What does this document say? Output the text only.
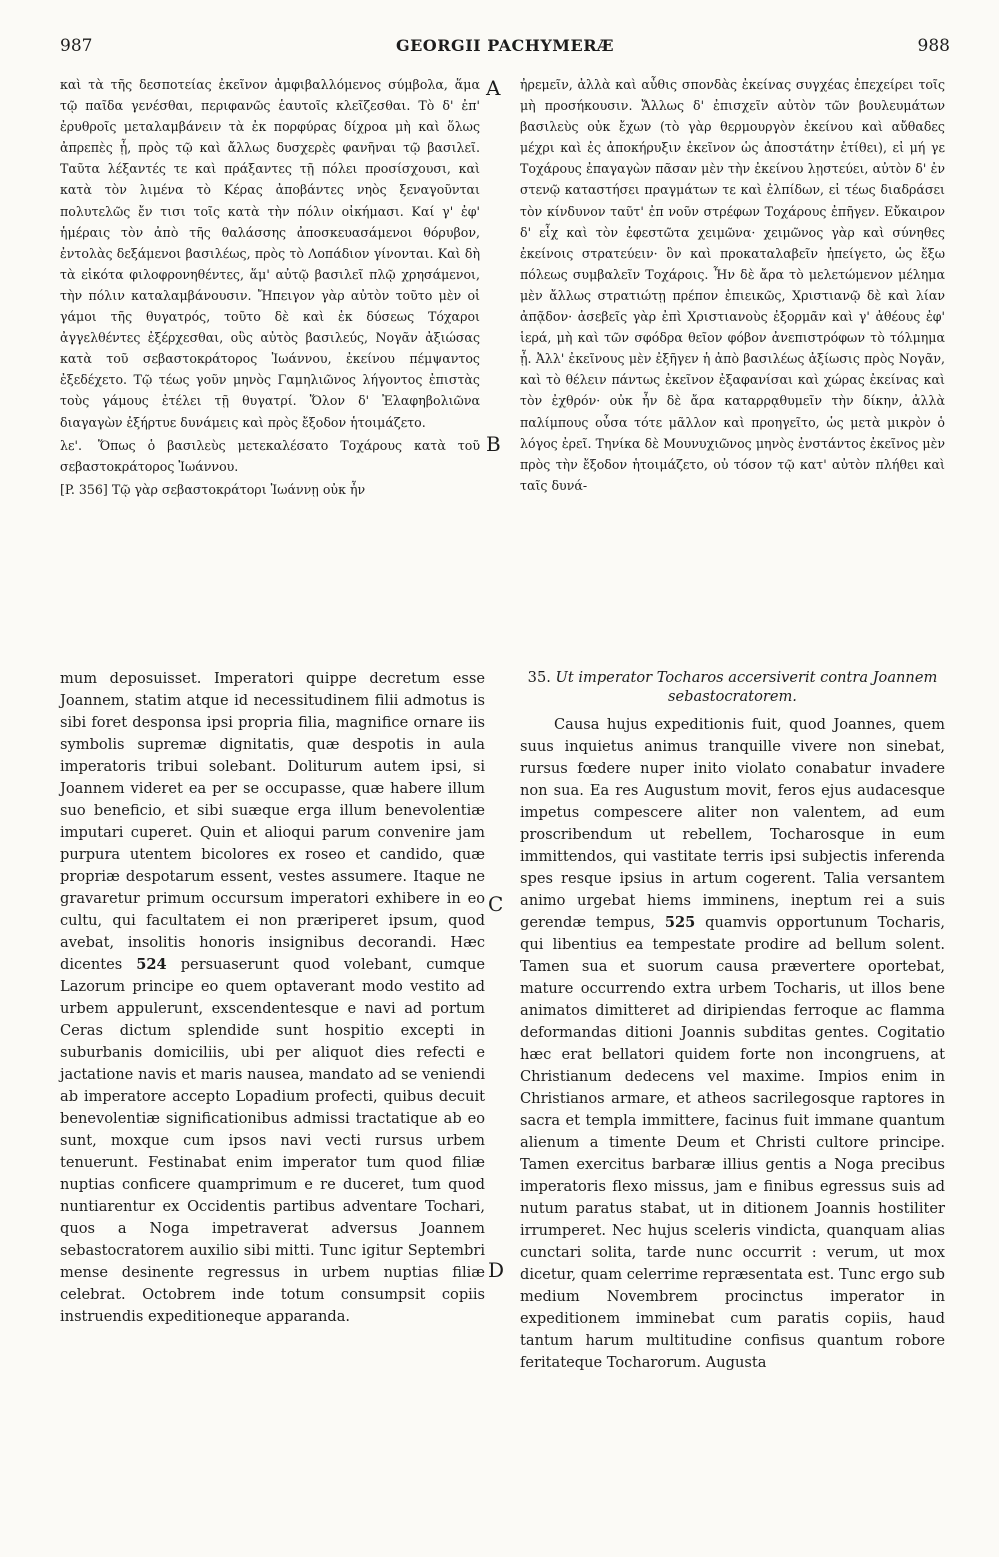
987	GEORGII PACHYMERÆ	988
A
B
C
D

καὶ τὰ τῆς δεσποτείας ἐκεῖνον ἀμφιβαλλόμενος σύμβολα, ἅμα τῷ παῖδα γενέσθαι, περιφανῶς ἑαυτοῖς κλεῖζεσθαι. Τὸ δ' ἐπ' ἐρυθροῖς μεταλαμβάνειν τὰ ἐκ πορφύρας δίχροα μὴ καὶ ὅλως ἀπρεπὲς ᾖ, πρὸς τῷ καὶ ἄλλως δυσχερὲς φανῆναι τῷ βασιλεῖ. Ταῦτα λέξαντές τε καὶ πράξαντες τῇ πόλει προσίσχουσι, καὶ κατὰ τὸν λιμένα τὸ Κέρας ἀποβάντες νηὸς ξεναγοῦνται πολυτελῶς ἔν τισι τοῖς κατὰ τὴν πόλιν οἰκήμασι. Καί γ' ἐφ' ἡμέραις τὸν ἀπὸ τῆς θαλάσσης ἀποσκευασάμενοι θόρυβον, ἐντολὰς δεξάμενοι βασιλέως, πρὸς τὸ Λοπάδιον γίνονται. Καὶ δὴ τὰ εἰκότα φιλοφρονηθέντες, ἅμ' αὐτῷ βασιλεῖ πλῷ χρησάμενοι, τὴν πόλιν καταλαμβάνουσιν. Ἤπειγον γὰρ αὐτὸν τοῦτο μὲν οἱ γάμοι τῆς θυγατρός, τοῦτο δὲ καὶ ἐκ δύσεως Τόχαροι ἀγγελθέντες ἐξέρχεσθαι, οὓς αὐτὸς βασιλεύς, Νογᾶν ἀξιώσας κατὰ τοῦ σεβαστοκράτορος Ἰωάννου, ἐκείνου πέμψαντος ἐξεδέχετο. Τῷ τέως γοῦν μηνὸς Γαμηλιῶνος λήγοντος ἐπιστὰς τοὺς γάμους ἐτέλει τῇ θυγατρί. Ὅλον δ' Ἐλαφηβολιῶνα διαγαγὼν ἐξήρτυε δυνάμεις καὶ πρὸς ἔξοδον ἡτοιμάζετο.

λε'. Ὅπως ὁ βασιλεὺς μετεκαλέσατο Τοχάρους κατὰ τοῦ σεβαστοκράτορος Ἰωάννου.

[P. 356] Τῷ γὰρ σεβαστοκράτορι Ἰωάννῃ οὐκ ἦν

ἠρεμεῖν, ἀλλὰ καὶ αὖθις σπονδὰς ἐκείνας συγχέας ἐπεχείρει τοῖς μὴ προσήκουσιν. Ἄλλως δ' ἐπισχεῖν αὐτὸν τῶν βουλευμάτων βασιλεὺς οὐκ ἔχων (τὸ γὰρ θερμουργὸν ἐκείνου καὶ αὔθαδες μέχρι καὶ ἐς ἀποκήρυξιν ἐκεῖνον ὡς ἀποστάτην ἐτίθει), εἰ μή γε Τοχάρους ἐπαγαγὼν πᾶσαν μὲν τὴν ἐκείνου λῃστεύει, αὐτὸν δ' ἐν στενῷ καταστήσει πραγμάτων τε καὶ ἐλπίδων, εἰ τέως διαδράσει τὸν κίνδυνον ταῦτ' ἐπ νοῦν στρέφων Τοχάρους ἐπῆγεν. Εὔκαιρον δ' εἶχ καὶ τὸν ἐφεστῶτα χειμῶνα· χειμῶνος γὰρ καὶ σύνηθες ἐκείνοις στρατεύειν· ὃν καὶ προκαταλαβεῖν ἠπείγετο, ὡς ἔξω πόλεως συμβαλεῖν Τοχάροις. Ἦν δὲ ἄρα τὸ μελετώμενον μέλημα μὲν ἄλλως στρατιώτῃ πρέπον ἐπιεικῶς, Χριστιανῷ δὲ καὶ λίαν ἀπᾷδον· ἀσεβεῖς γὰρ ἐπὶ Χριστιανοὺς ἐξορμᾶν καὶ γ' ἀθέους ἐφ' ἱερά, μὴ καὶ τῶν σφόδρα θεῖον φόβον ἀνεπιστρόφων τὸ τόλμημα ᾖ. Ἀλλ' ἐκεῖνους μὲν ἐξῆγεν ἡ ἀπὸ βασιλέως ἀξίωσις πρὸς Νογᾶν, καὶ τὸ θέλειν πάντως ἐκεῖνον ἐξαφανίσαι καὶ χώρας ἐκείνας καὶ τὸν ἐχθρόν· οὐκ ἦν δὲ ἄρα καταρρᾳθυμεῖν τὴν δίκην, ἀλλὰ παλίμπους οὖσα τότε μᾶλλον καὶ προηγεῖτο, ὡς μετὰ μικρὸν ὁ λόγος ἐρεῖ. Τηνίκα δὲ Μουνυχιῶνος μηνὸς ἐνστάντος ἐκεῖνος μὲν πρὸς τὴν ἔξοδον ἡτοιμάζετο, οὐ τόσον τῷ κατ' αὐτὸν πλήθει καὶ ταῖς δυνά-

mum deposuisset. Imperatori quippe decretum esse Joannem, statim atque id necessitudinem filii admotus is sibi foret desponsa ipsi propria filia, magnifice ornare iis symbolis supremæ dignitatis, quæ despotis in aula imperatoris tribui solebant. Doliturum autem ipsi, si Joannem videret ea per se occupasse, quæ habere illum suo beneficio, et sibi suæque erga illum benevolentiæ imputari cuperet. Quin et alioqui parum convenire jam purpura utentem bicolores ex roseo et candido, quæ propriæ despotarum essent, vestes assumere. Itaque ne gravaretur primum occursum imperatori exhibere in eo cultu, qui facultatem ei non præriperet ipsum, quod avebat, insolitis honoris insignibus decorandi. Hæc dicentes 524 persuaserunt quod volebant, cumque Lazorum principe eo quem optaverant modo vestito ad urbem appulerunt, exscendentesque e navi ad portum Ceras dictum splendide sunt hospitio excepti in suburbanis domiciliis, ubi per aliquot dies refecti e jactatione navis et maris nausea, mandato ad se veniendi ab imperatore accepto Lopadium profecti, quibus decuit benevolentiæ significationibus admissi tractatique ab eo sunt, moxque cum ipsos navi vecti rursus urbem tenuerunt. Festinabat enim imperator tum quod filiæ nuptias conficere quamprimum e re duceret, tum quod nuntiarentur ex Occidentis partibus adventare Tochari, quos a Noga impetraverat adversus Joannem sebastocratorem auxilio sibi mitti. Tunc igitur Septembri mense desinente regressus in urbem nuptias filiæ celebrat. Octobrem inde totum consumpsit copiis instruendis expeditioneque apparanda.

35. Ut imperator Tocharos accersiverit contra Joannem sebastocratorem.

Causa hujus expeditionis fuit, quod Joannes, quem suus inquietus animus tranquille vivere non sinebat, rursus fœdere nuper inito violato conabatur invadere non sua. Ea res Augustum movit, feros ejus audacesque impetus compescere aliter non valentem, ad eum proscribendum ut rebellem, Tocharosque in eum immittendos, qui vastitate terris ipsi subjectis inferenda spes resque ipsius in artum cogerent. Talia versantem animo urgebat hiems imminens, ineptum rei a suis gerendæ tempus, 525 quamvis opportunum Tocharis, qui libentius ea tempestate prodire ad bellum solent. Tamen sua et suorum causa prævertere oportebat, mature occurrendo extra urbem Tocharis, ut illos bene animatos dimitteret ad diripiendas ferroque ac flamma deformandas ditioni Joannis subditas gentes. Cogitatio hæc erat bellatori quidem forte non incongruens, at Christianum dedecens vel maxime. Impios enim in Christianos armare, et atheos sacrilegosque raptores in sacra et templa immittere, facinus fuit immane quantum alienum a timente Deum et Christi cultore principe. Tamen exercitus barbaræ illius gentis a Noga precibus imperatoris flexo missus, jam e finibus egressus suis ad nutum paratus stabat, ut in ditionem Joannis hostiliter irrumperet. Nec hujus sceleris vindicta, quanquam alias cunctari solita, tarde nunc occurrit : verum, ut mox dicetur, quam celerrime repræsentata est. Tunc ergo sub medium Novembrem procinctus imperator in expeditionem imminebat cum paratis copiis, haud tantum harum multitudine confisus quantum robore feritateque Tocharorum. Augusta
